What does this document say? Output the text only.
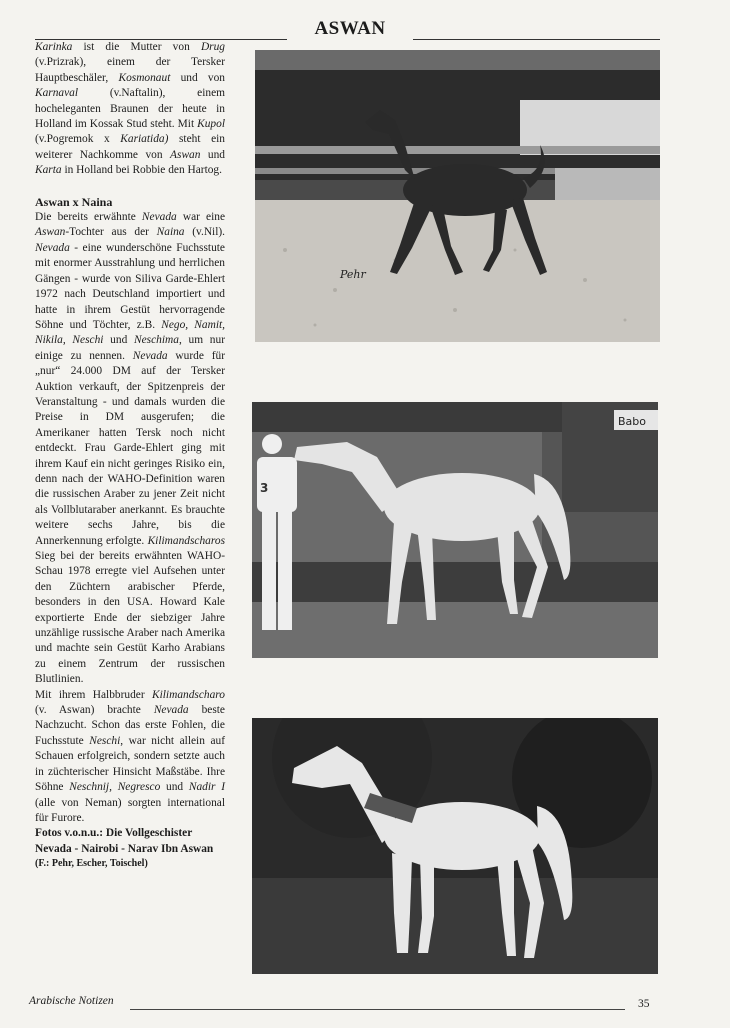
ASWAN

Karinka ist die Mutter von Drug (v.Prizrak), einem der Tersker Hauptbeschäler, Kosmonaut und von Karnaval (v.Naftalin), einem hocheleganten Braunen der heute in Holland im Kossak Stud steht. Mit Kupol (v.Pogremok x Kariatida) steht ein weiterer Nachkomme von Aswan und Karta in Holland bei Robbie den Hartog.

Aswan x Naina

Die bereits erwähnte Nevada war eine Aswan-Tochter aus der Naina (v.Nil). Nevada - eine wunderschöne Fuchsstute mit enormer Ausstrahlung und herrlichen Gängen - wurde von Siliva Garde-Ehlert 1972 nach Deutschland importiert und hatte in ihrem Gestüt hervorragende Söhne und Töchter, z.B. Nego, Namit, Nikila, Neschi und Neschima, um nur einige zu nennen. Nevada wurde für „nur“ 24.000 DM auf der Tersker Auktion verkauft, der Spitzenpreis der Veranstaltung - und damals wurden die Preise in DM ausgerufen; die Amerikaner hatten Tersk noch nicht entdeckt. Frau Garde-Ehlert ging mit ihrem Kauf ein nicht geringes Risiko ein, denn nach der WAHO-Definition waren die russischen Araber zu jener Zeit nicht als Vollblutaraber anerkannt. Es brauchte weitere sechs Jahre, bis die Annerkennung erfolgte. Kilimandscharos Sieg bei der bereits erwähnten WAHO-Schau 1978 erregte viel Aufsehen unter den Züchtern arabischer Pferde, besonders in den USA. Howard Kale exportierte Ende der siebziger Jahre unzählige russische Araber nach Amerika und machte sein Gestüt Karho Arabians zu einem Zentrum der russischen Blutlinien.

Mit ihrem Halbbruder Kilimandscharo (v. Aswan) brachte Nevada beste Nachzucht. Schon das erste Fohlen, die Fuchsstute Neschi, war nicht allein auf Schauen erfolgreich, sondern setzte auch in züchterischer Hinsicht Maßstäbe. Ihre Söhne Neschnij, Negresco und Nadir I (alle von Neman) sorgten international für Furore.

Fotos v.o.n.u.: Die Vollgeschister Nevada - Nairobi - Narav Ibn Aswan

(F.: Pehr, Escher, Toischel)

Pehr
Babo
3
Arabische Notizen	35
